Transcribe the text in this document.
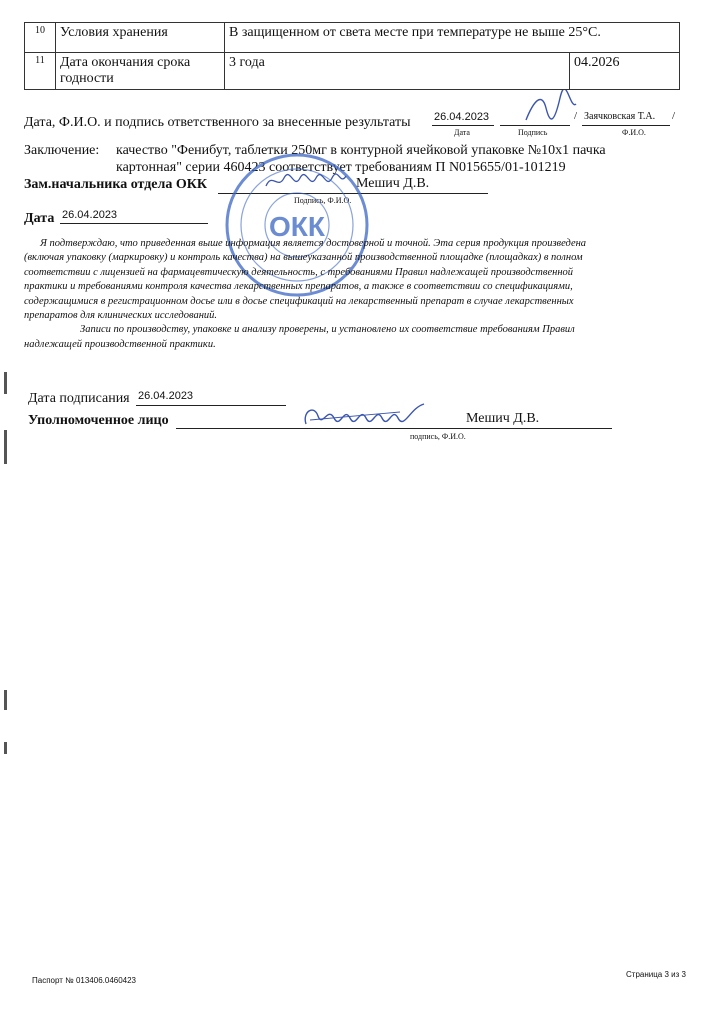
10	Условия хранения	В защищенном от света месте при температуре не выше 25°C.	
11	Дата окончания срока годности	3 года	04.2026
Дата, Ф.И.О. и подпись ответственного за внесенные результаты 26.04.2023	/ Заячковская Т.А. /
Дата	Подпись	Ф.И.О.
Заключение: качество "Фенибут, таблетки 250мг в контурной ячейковой упаковке №10x1 пачка
картонная" серии 460423 соответствует требованиям П N015655/01-101219
Зам.начальника отдела ОКК	Мешич Д.В.
Подпись, Ф.И.О.
Дата 26.04.2023	ОКК
Я подтверждаю, что приведенная выше информация является достоверной и точной. Эта серия продукция произведена
(включая упаковку (маркировку) и контроль качества) на вышеуказанной производственной площадке (площадках) в полном
соответствии с лицензией на фармацевтическую деятельность, с требованиями Правил надлежащей производственной
практики и требованиями контроля качества лекарственных препаратов, а также в соответствии со спецификациями,
содержащимися в регистрационном досье или в досье спецификаций на лекарственный препарат в случае лекарственных
препаратов для клинических исследований.
Записи по производству, упаковке и анализу проверены, и установлено их соответствие требованиям Правил
надлежащей производственной практики.
Дата подписания 26.04.2023
Уполномоченное лицо	Мешич Д.В.
подпись, Ф.И.О.
Паспорт № 013406.0460423
Страница 3 из 3
